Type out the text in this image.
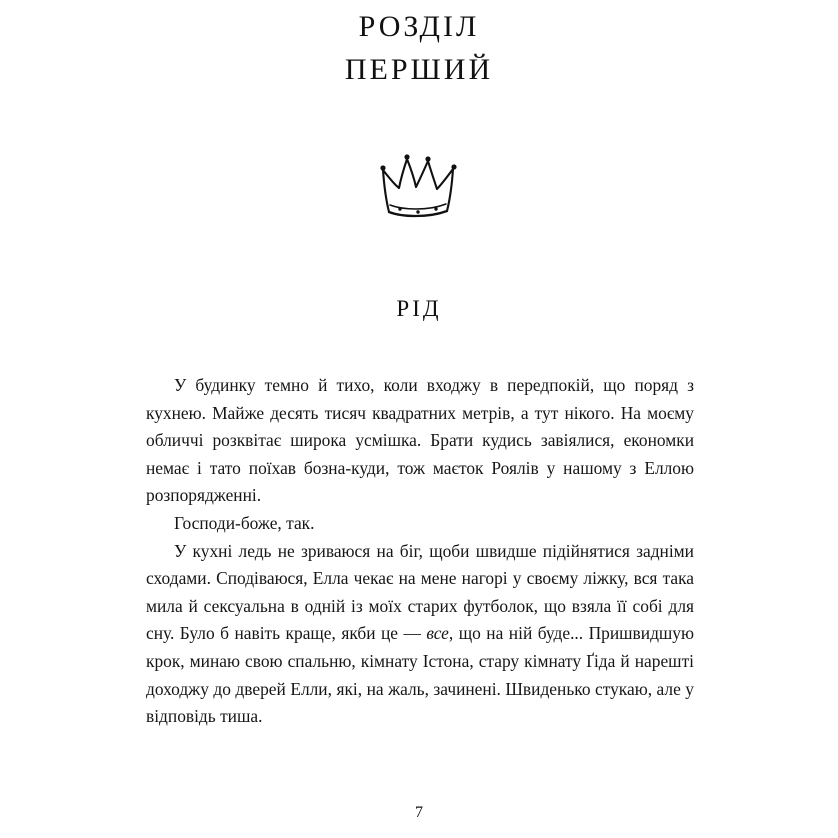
РОЗДІЛ
ПЕРШИЙ
РІД

У будинку темно й тихо, коли входжу в передпокій, що поряд з кухнею. Майже десять тисяч квадратних метрів, а тут нікого. На моєму обличчі розквітає широка усмішка. Брати кудись завіялися, економки немає і тато поїхав бозна-куди, тож маєток Роялів у нашому з Еллою розпорядженні.

Господи-боже, так.

У кухні ледь не зриваюся на біг, щоби швидше підійнятися задніми сходами. Сподіваюся, Елла чекає на мене нагорі у своєму ліжку, вся така мила й сексуальна в одній із моїх старих футболок, що взяла її собі для сну. Було б навіть краще, якби це — все, що на ній буде... Пришвидшую крок, минаю свою спальню, кімнату Істона, стару кімнату Ґіда й нарешті доходжу до дверей Елли, які, на жаль, зачинені. Швиденько стукаю, але у відповідь тиша.

7
